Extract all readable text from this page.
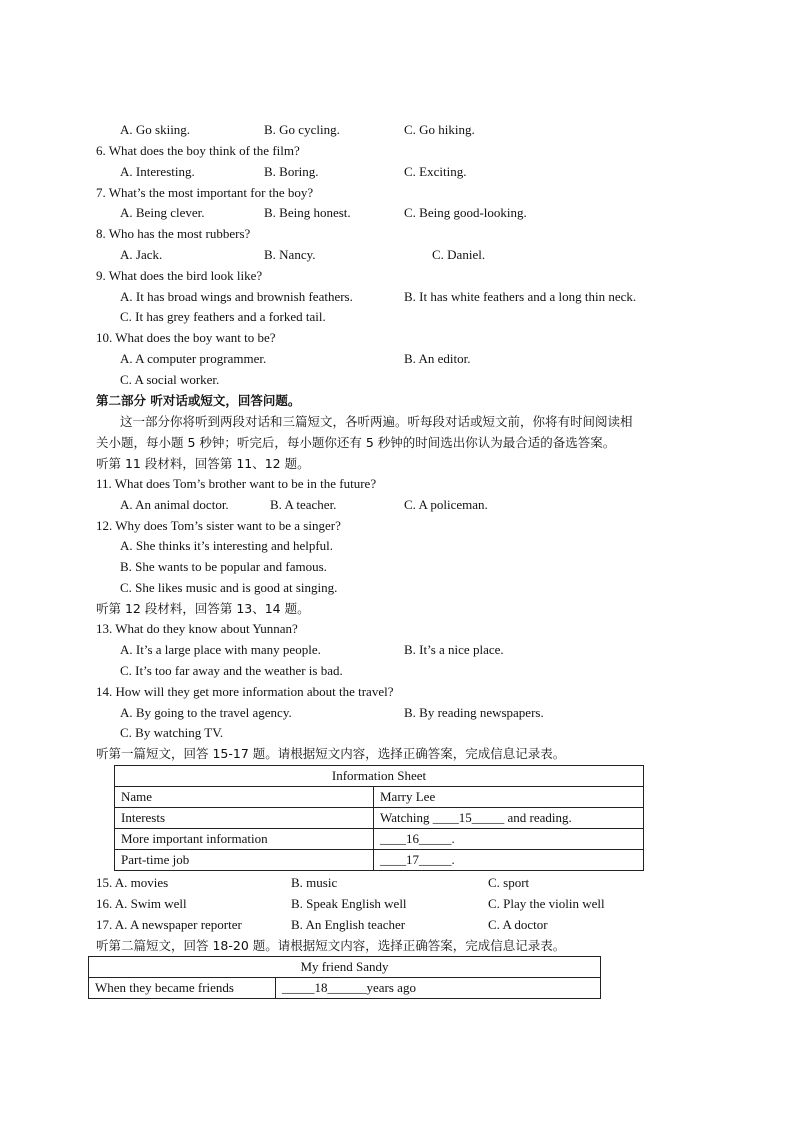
A. Go skiing.	B. Go cycling.	C. Go hiking.
6. What does the boy think of the film?
A. Interesting.	B. Boring.	C. Exciting.
7. What’s the most important for the boy?
A. Being clever.	B. Being honest.	C. Being good-looking.
8. Who has the most rubbers?
A. Jack.	B. Nancy.	C. Daniel.
9. What does the bird look like?
A. It has broad wings and brownish feathers.	B. It has white feathers and a long thin neck.
C. It has grey feathers and a forked tail.
10. What does the boy want to be?
A. A computer programmer.	B. An editor.
C. A social worker.
第二部分 听对话或短文，回答问题。
这一部分你将听到两段对话和三篇短文，各听两遍。听每段对话或短文前，你将有时间阅读相
关小题，每小题 5 秒钟；听完后，每小题你还有 5 秒钟的时间选出你认为最合适的备选答案。
听第 11 段材料，回答第 11、12 题。
11. What does Tom’s brother want to be in the future?
A. An animal doctor.	B. A teacher.	C. A policeman.
12. Why does Tom’s sister want to be a singer?
A. She thinks it’s interesting and helpful.
B. She wants to be popular and famous.
C. She likes music and is good at singing.
听第 12 段材料，回答第 13、14 题。
13. What do they know about Yunnan?
A. It’s a large place with many people.	B. It’s a nice place.
C. It’s too far away and the weather is bad.
14. How will they get more information about the travel?
A. By going to the travel agency.	B. By reading newspapers.
C. By watching TV.
听第一篇短文，回答 15-17 题。请根据短文内容，选择正确答案，完成信息记录表。
Information Sheet	
Name	Marry Lee
Interests	Watching ____15_____ and reading.
More important information	____16_____.
Part-time job	____17_____.
15. A. movies	B. music	C. sport
16. A. Swim well	B. Speak English well	C. Play the violin well
17. A. A newspaper reporter	B. An English teacher	C. A doctor
听第二篇短文，回答 18-20 题。请根据短文内容，选择正确答案，完成信息记录表。
My friend Sandy
When they became friends	_____18______years ago
